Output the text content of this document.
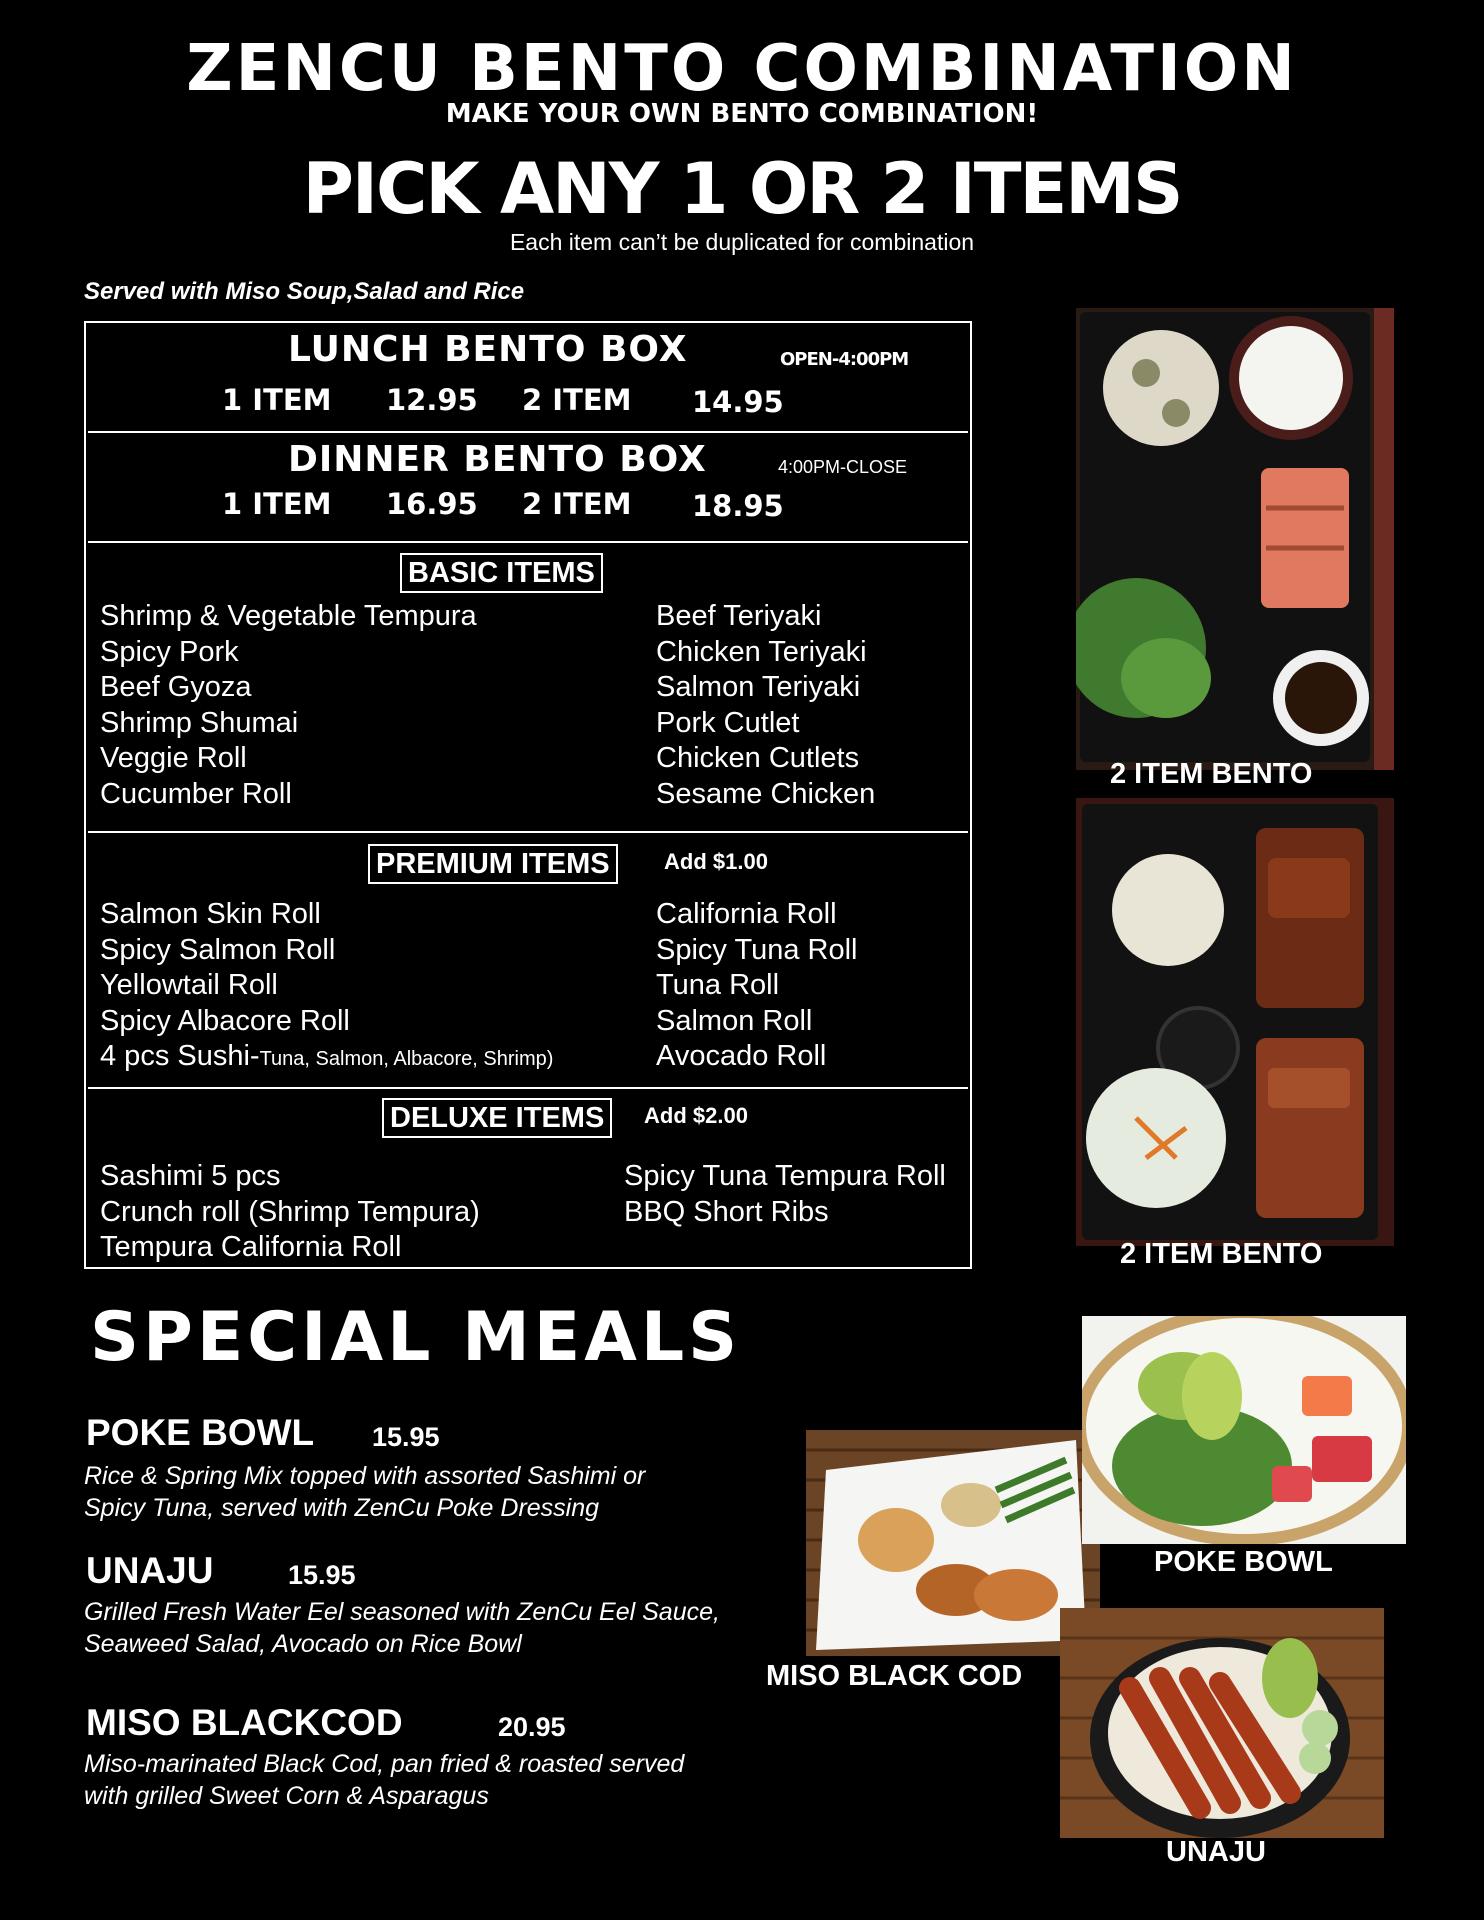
ZENCU BENTO COMBINATION
MAKE YOUR OWN BENTO COMBINATION!
PICK ANY 1 OR 2 ITEMS
Each item can’t be duplicated for combination
Served with Miso Soup,Salad and Rice
LUNCH BENTO BOX	OPEN-4:00PM
1 ITEM 12.95 2 ITEM 14.95
DINNER BENTO BOX	4:00PM-CLOSE
1 ITEM 16.95 2 ITEM 18.95
BASIC ITEMS
Shrimp & Vegetable Tempura
Spicy Pork
Beef Gyoza
Shrimp Shumai
Veggie Roll
Cucumber Roll
Beef Teriyaki
Chicken Teriyaki
Salmon Teriyaki
Pork Cutlet
Chicken Cutlets
Sesame Chicken
PREMIUM ITEMS	Add $1.00
Salmon Skin Roll
Spicy Salmon Roll
Yellowtail Roll
Spicy Albacore Roll
4 pcs Sushi-Tuna, Salmon, Albacore, Shrimp)
California Roll
Spicy Tuna Roll
Tuna Roll
Salmon Roll
Avocado Roll
DELUXE ITEMS	Add $2.00
Sashimi 5 pcs
Crunch roll (Shrimp Tempura)
Tempura California Roll
Spicy Tuna Tempura Roll
BBQ Short Ribs
2 ITEM BENTO
2 ITEM BENTO
SPECIAL MEALS
POKE BOWL 15.95
Rice & Spring Mix topped with assorted Sashimi or
Spicy Tuna, served with ZenCu Poke Dressing
UNAJU	15.95
Grilled Fresh Water Eel seasoned with ZenCu Eel Sauce,
Seaweed Salad, Avocado on Rice Bowl
MISO BLACKCOD	20.95
Miso-marinated Black Cod, pan fried & roasted served
with grilled Sweet Corn & Asparagus
MISO BLACK COD
POKE BOWL
UNAJU
